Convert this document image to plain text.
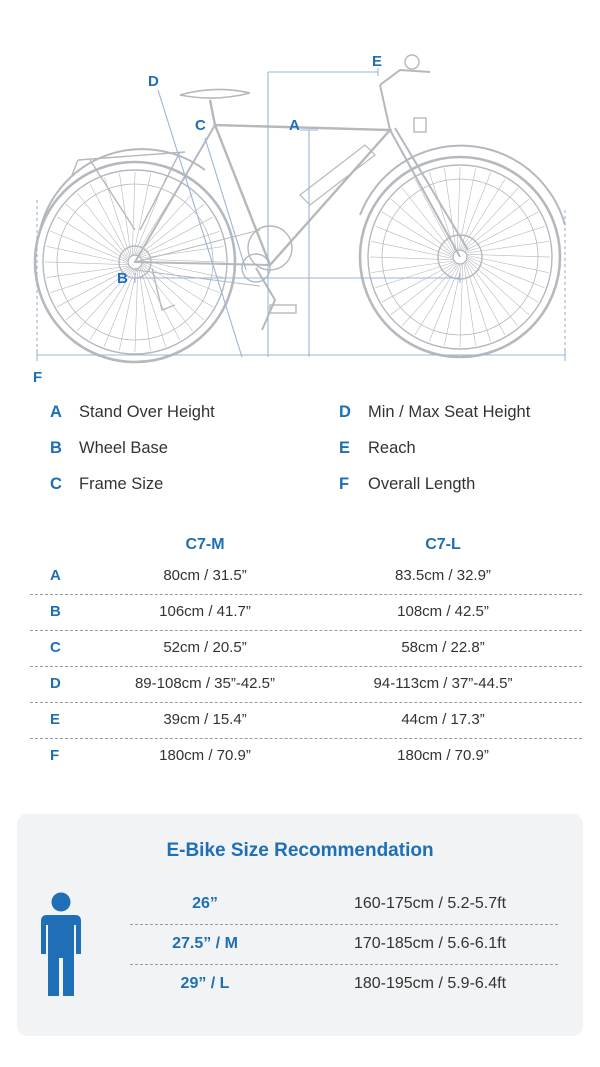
D
E
C	A
B
F
A Stand Over Height
B Wheel Base
C Frame Size
D Min / Max Seat Height
E Reach
F Overall Length
C7-M	C7-L
A	80cm / 31.5”	83.5cm / 32.9”
B	106cm / 41.7”	108cm / 42.5”
C	52cm / 20.5”	58cm / 22.8”
D	89-108cm / 35”-42.5”	94-113cm / 37”-44.5”
E	39cm / 15.4”	44cm / 17.3”
F	180cm / 70.9”	180cm / 70.9”
E-Bike Size Recommendation
26”	160-175cm / 5.2-5.7ft
27.5” / M	170-185cm / 5.6-6.1ft
29” / L	180-195cm / 5.9-6.4ft
